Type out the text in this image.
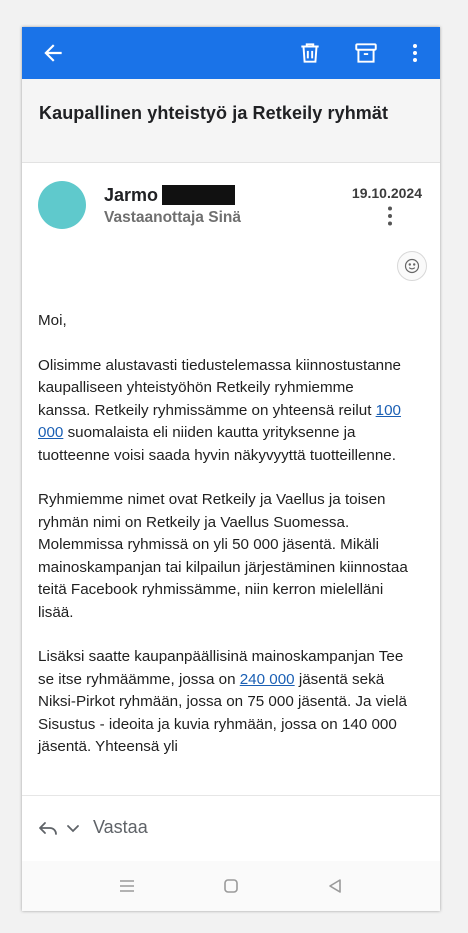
Kaupallinen yhteistyö ja Retkeily ryhmät
Jarmo
Vastaanottaja Sinä
19.10.2024

Moi,

Olisimme alustavasti tiedustelemassa kiinnostustanne kaupalliseen yhteistyöhön Retkeily ryhmiemme kanssa. Retkeily ryhmissämme on yhteensä reilut 100 000 suomalaista eli niiden kautta yrityksenne ja tuotteenne voisi saada hyvin näkyvyyttä tuotteillenne.

Ryhmiemme nimet ovat Retkeily ja Vaellus ja toisen ryhmän nimi on Retkeily ja Vaellus Suomessa. Molemmissa ryhmissä on yli 50 000 jäsentä. Mikäli mainoskampanjan tai kilpailun järjestäminen kiinnostaa teitä Facebook ryhmissämme, niin kerron mielelläni lisää.

Lisäksi saatte kaupanpäällisinä mainoskampanjan Tee se itse ryhmäämme, jossa on 240 000 jäsentä sekä Niksi-Pirkot ryhmään, jossa on 75 000 jäsentä. Ja vielä Sisustus - ideoita ja kuvia ryhmään, jossa on 140 000 jäsentä. Yhteensä yli

Vastaa
